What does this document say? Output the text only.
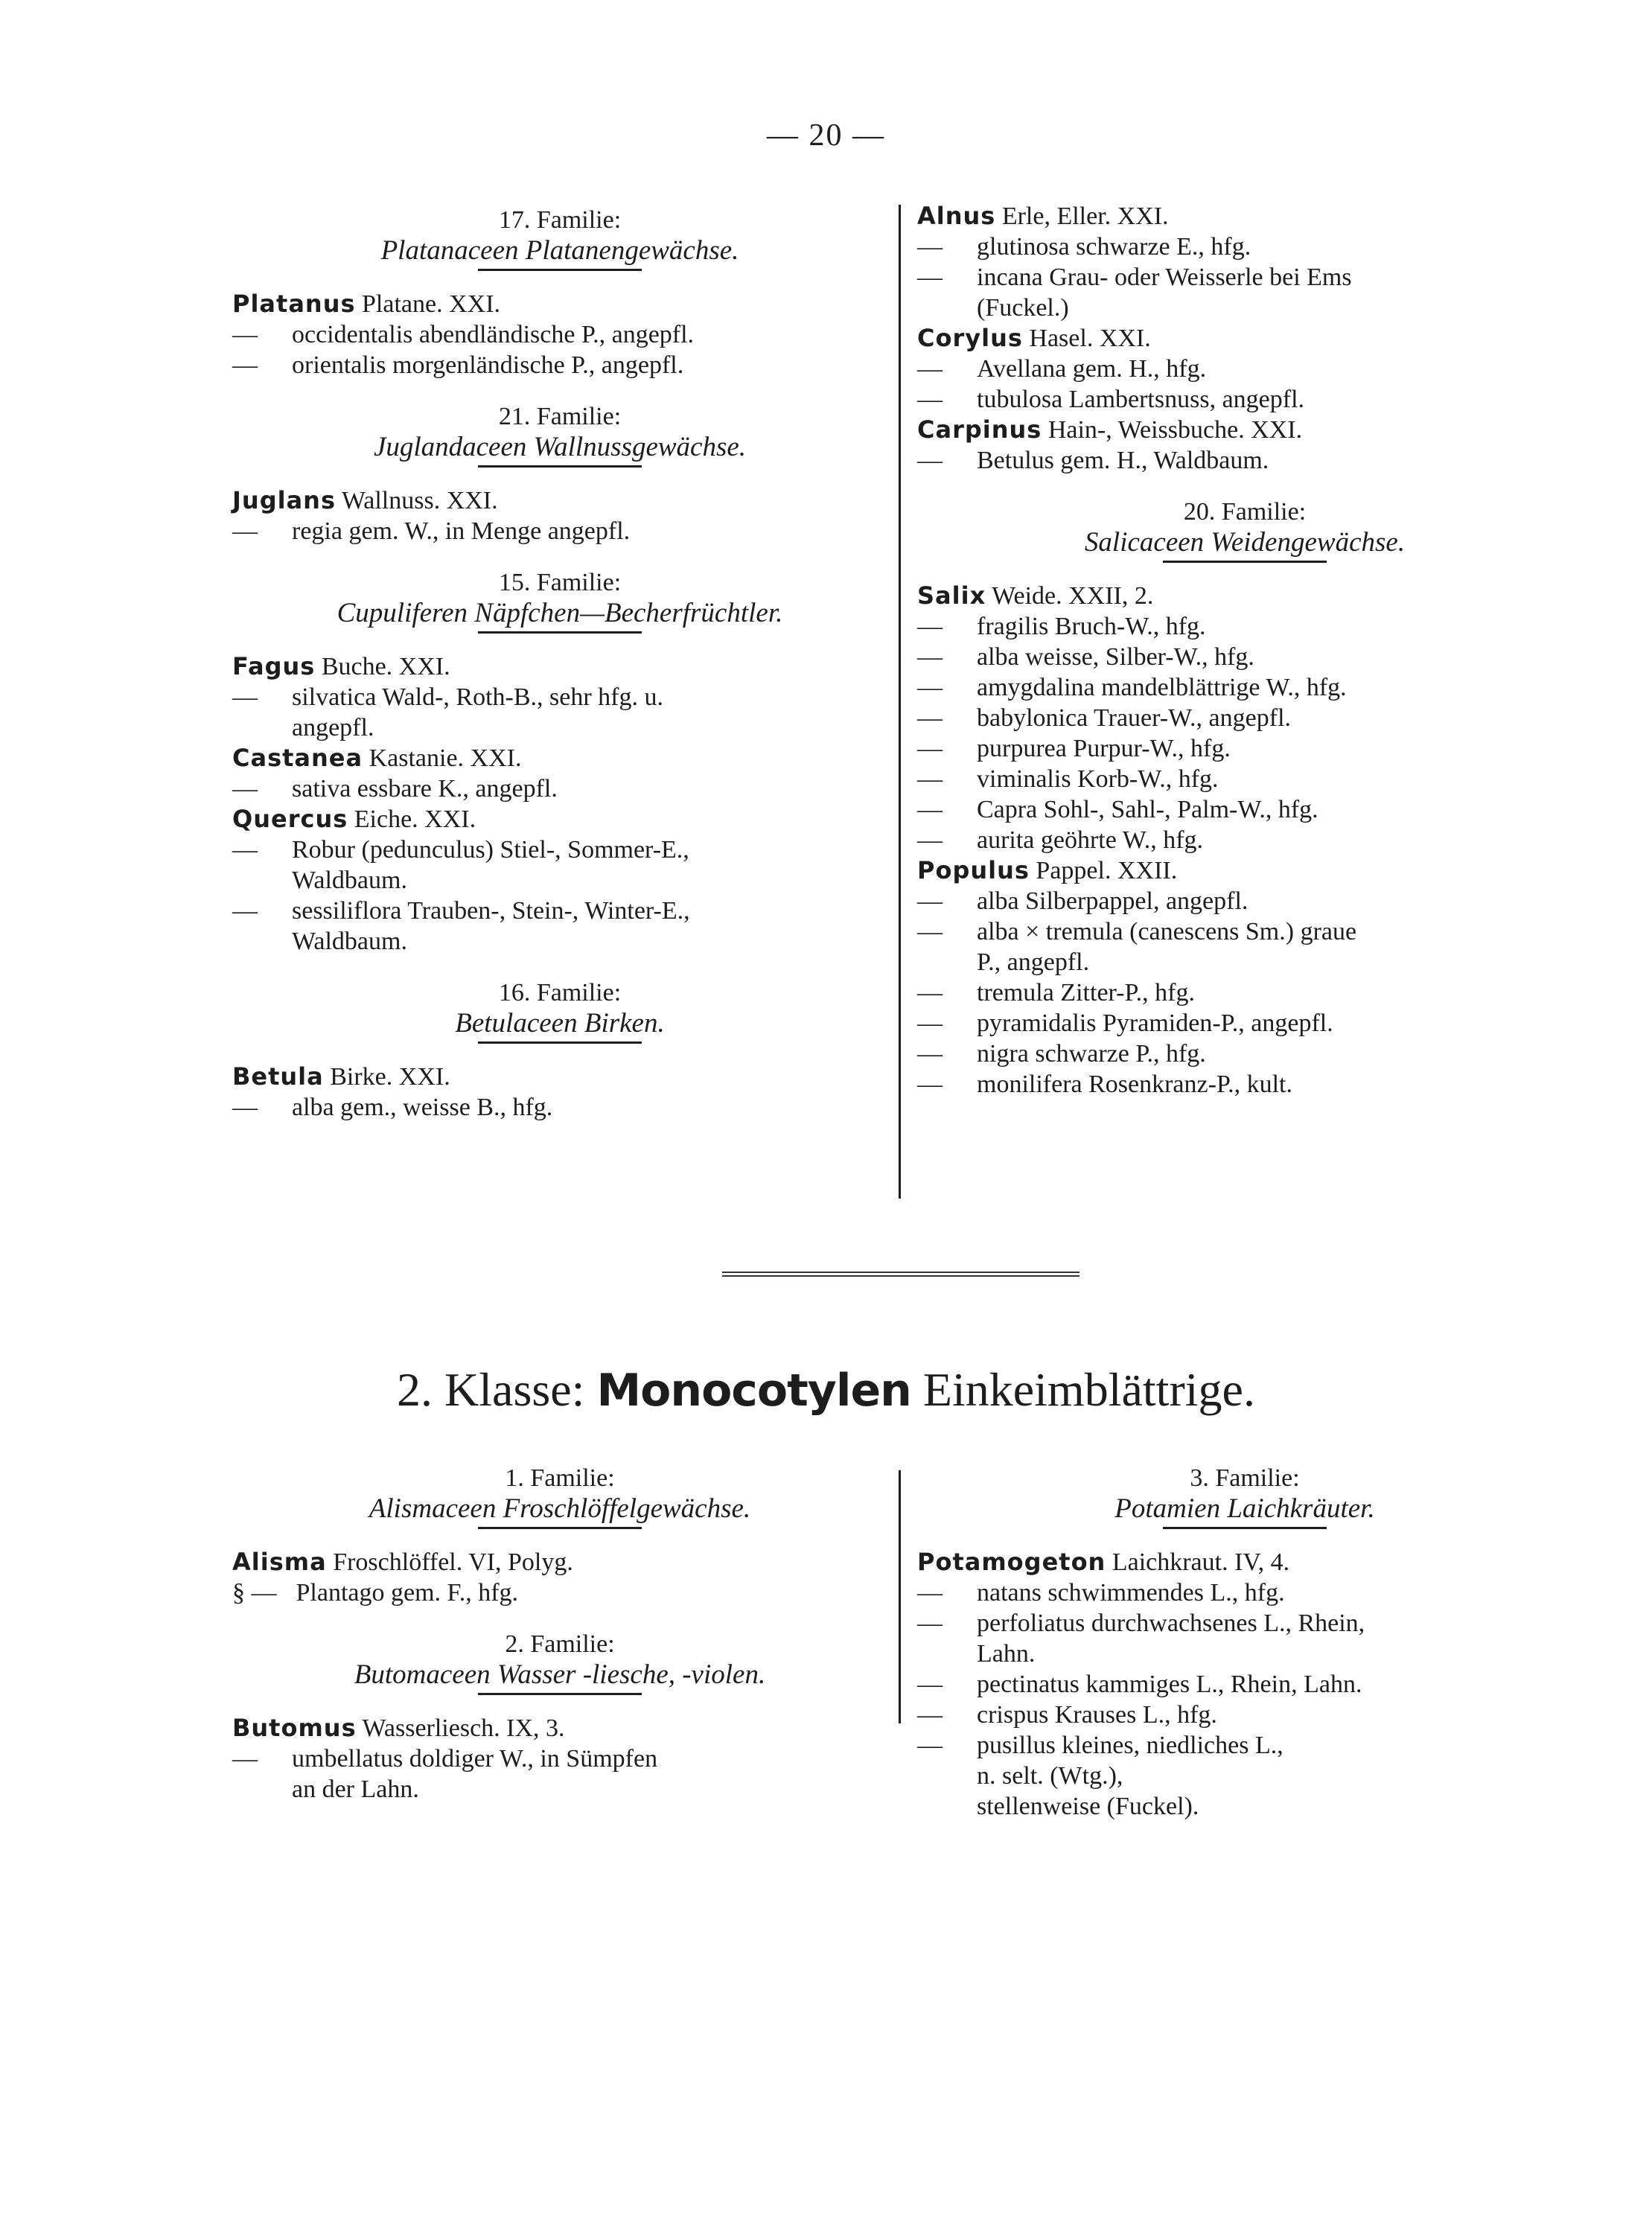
— 20 —
17. Familie:
Platanaceen Platanengewächse.
Platanus Platane. XXI.
— occidentalis abendländische P., angepfl.
— orientalis morgenländische P., angepfl.
21. Familie:
Juglandaceen Wallnussgewächse.
Juglans Wallnuss. XXI.
— regia gem. W., in Menge angepfl.
15. Familie:
Cupuliferen Näpfchen—Becherfrüchtler.
Fagus Buche. XXI.
— silvatica Wald-, Roth-B., sehr hfg. u.
angepfl.
Castanea Kastanie. XXI.
— sativa essbare K., angepfl.
Quercus Eiche. XXI.
— Robur (pedunculus) Stiel-, Sommer-E.,
Waldbaum.
— sessiliflora Trauben-, Stein-, Winter-E.,
Waldbaum.
16. Familie:
Betulaceen Birken.
Betula Birke. XXI.
— alba gem., weisse B., hfg.
Alnus Erle, Eller. XXI.
— glutinosa schwarze E., hfg.
— incana Grau- oder Weisserle bei Ems
(Fuckel.)
Corylus Hasel. XXI.
— Avellana gem. H., hfg.
— tubulosa Lambertsnuss, angepfl.
Carpinus Hain-, Weissbuche. XXI.
— Betulus gem. H., Waldbaum.
20. Familie:
Salicaceen Weidengewächse.
Salix Weide. XXII, 2.
— fragilis Bruch-W., hfg.
— alba weisse, Silber-W., hfg.
— amygdalina mandelblättrige W., hfg.
— babylonica Trauer-W., angepfl.
— purpurea Purpur-W., hfg.
— viminalis Korb-W., hfg.
— Capra Sohl-, Sahl-, Palm-W., hfg.
— aurita geöhrte W., hfg.
Populus Pappel. XXII.
— alba Silberpappel, angepfl.
— alba × tremula (canescens Sm.) graue
P., angepfl.
— tremula Zitter-P., hfg.
— pyramidalis Pyramiden-P., angepfl.
— nigra schwarze P., hfg.
— monilifera Rosenkranz-P., kult.
2. Klasse: Monocotylen Einkeimblättrige.
1. Familie:
Alismaceen Froschlöffelgewächse.
Alisma Froschlöffel. VI, Polyg.
§ — Plantago gem. F., hfg.
2. Familie:
Butomaceen Wasser -liesche, -violen.
Butomus Wasserliesch. IX, 3.
— umbellatus doldiger W., in Sümpfen
an der Lahn.
3. Familie:
Potamien Laichkräuter.
Potamogeton Laichkraut. IV, 4.
— natans schwimmendes L., hfg.
— perfoliatus durchwachsenes L., Rhein,
Lahn.
— pectinatus kammiges L., Rhein, Lahn.
— crispus Krauses L., hfg.
— pusillus kleines, niedliches L.,
n. selt. (Wtg.),
stellenweise (Fuckel).
